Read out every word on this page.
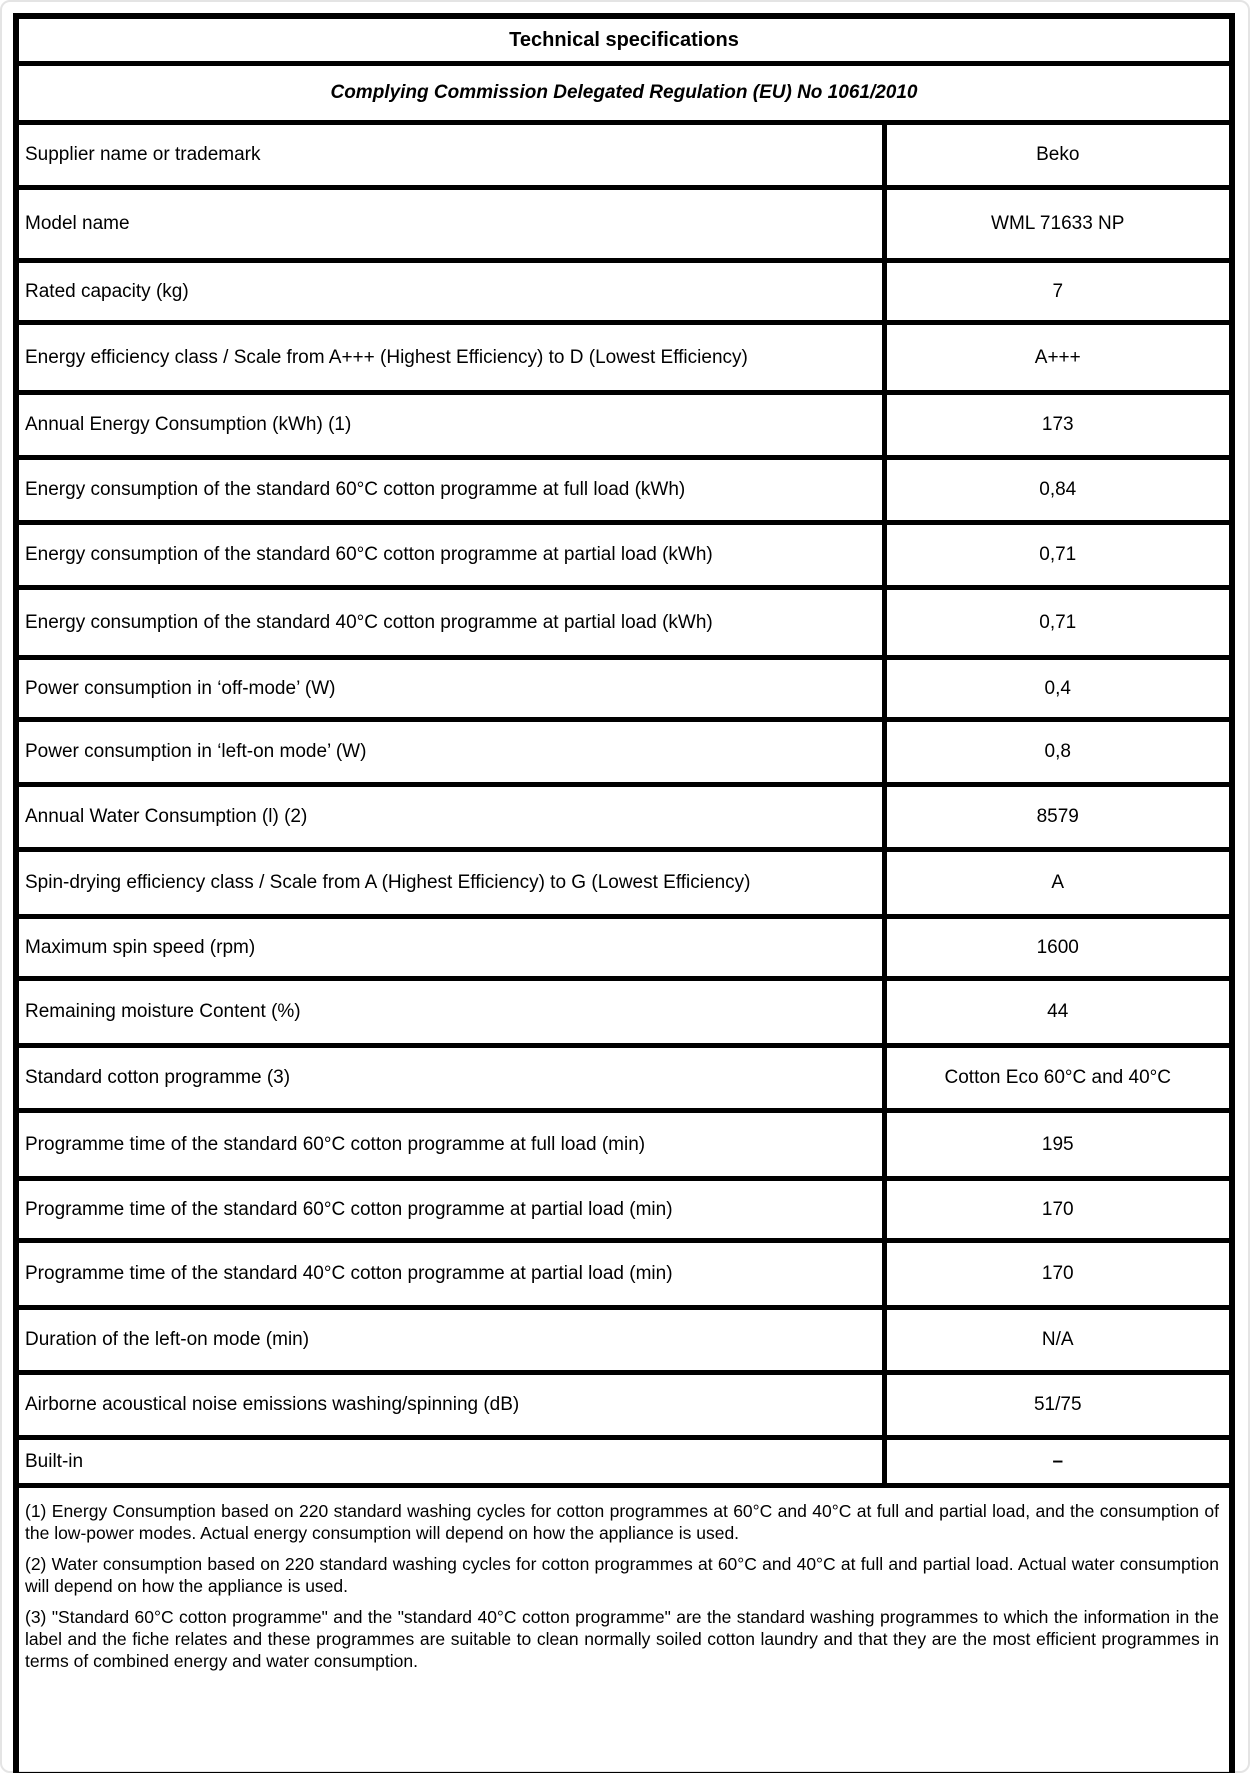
Technical specifications	
Complying Commission Delegated Regulation (EU) No 1061/2010	
Supplier name or trademark	Beko
Model name	WML 71633 NP
Rated capacity (kg)	7
Energy efficiency class / Scale from A+++ (Highest Efficiency) to D (Lowest Efficiency)	A+++
Annual Energy Consumption (kWh) (1)	173
Energy consumption of the standard 60°C cotton programme at full load (kWh)	0,84
Energy consumption of the standard 60°C cotton programme at partial load (kWh)	0,71
Energy consumption of the standard 40°C cotton programme at partial load (kWh)	0,71
Power consumption in ‘off-mode’ (W)	0,4
Power consumption in ‘left-on mode’ (W)	0,8
Annual Water Consumption (l) (2)	8579
Spin-drying efficiency class / Scale from A (Highest Efficiency) to G (Lowest Efficiency)	A
Maximum spin speed (rpm)	1600
Remaining moisture Content (%)	44
Standard cotton programme (3)	Cotton Eco 60°C and 40°C
Programme time of the standard 60°C cotton programme at full load (min)	195
Programme time of the standard 60°C cotton programme at partial load (min)	170
Programme time of the standard 40°C cotton programme at partial load (min)	170
Duration of the left-on mode (min)	N/A
Airborne acoustical noise emissions washing/spinning (dB)	51/75
Built-in	–

(1) Energy Consumption based on 220 standard washing cycles for cotton programmes at 60°C and 40°C at full and partial load, and the consumption of the low-power modes. Actual energy consumption will depend on how the appliance is used.

(2) Water consumption based on 220 standard washing cycles for cotton programmes at 60°C and 40°C at full and partial load. Actual water consumption will depend on how the appliance is used.

(3) "Standard 60°C cotton programme" and the "standard 40°C cotton programme" are the standard washing programmes to which the information in the label and the fiche relates and these programmes are suitable to clean normally soiled cotton laundry and that they are the most efficient programmes in terms of combined energy and water consumption.	
